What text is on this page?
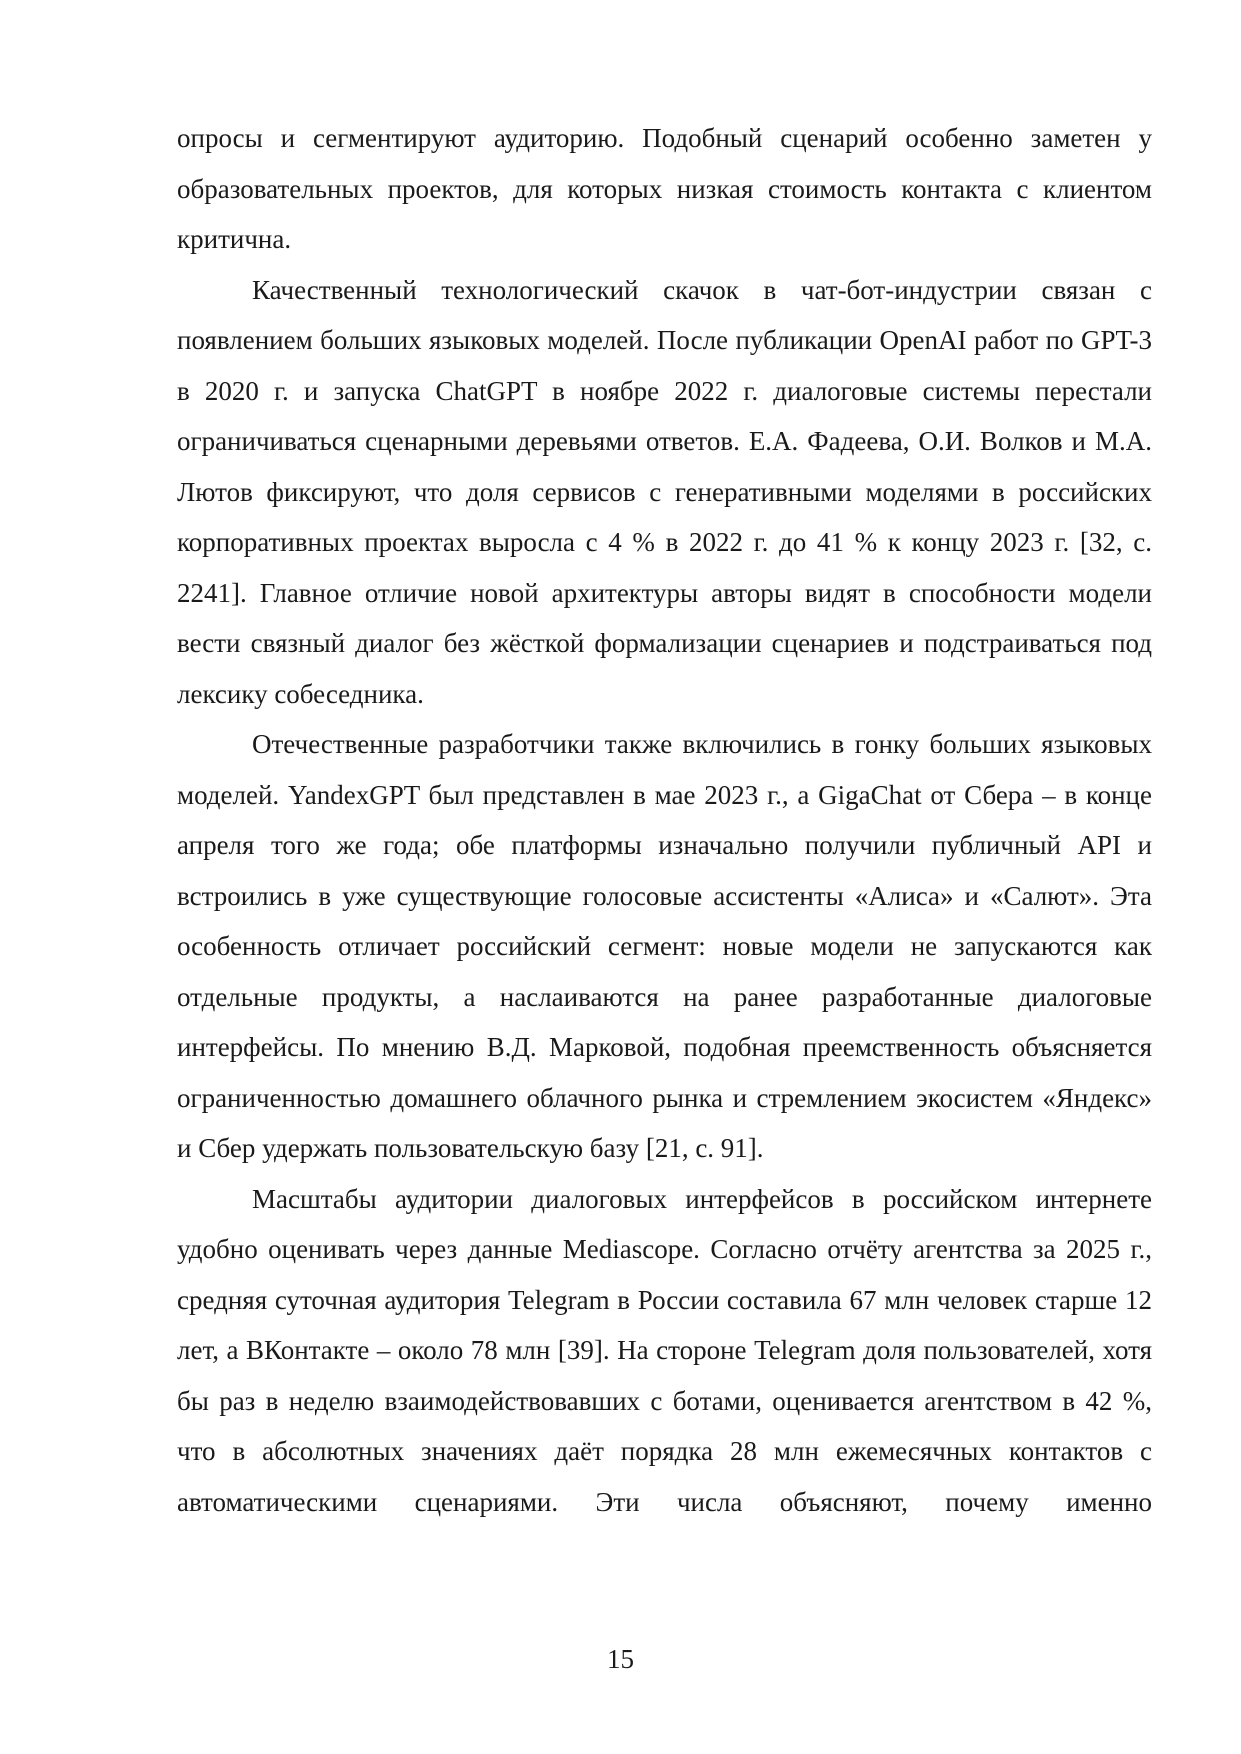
опросы и сегментируют аудиторию. Подобный сценарий особенно заметен у образовательных проектов, для которых низкая стоимость контакта с клиентом критична.

Качественный технологический скачок в чат-бот-индустрии связан с появлением больших языковых моделей. После публикации OpenAI работ по GPT-3 в 2020 г. и запуска ChatGPT в ноябре 2022 г. диалоговые системы перестали ограничиваться сценарными деревьями ответов. Е.А. Фадеева, О.И. Волков и М.А. Лютов фиксируют, что доля сервисов с генеративными моделями в российских корпоративных проектах выросла с 4 % в 2022 г. до 41 % к концу 2023 г. [32, с. 2241]. Главное отличие новой архитектуры авторы видят в способности модели вести связный диалог без жёсткой формализации сценариев и подстраиваться под лексику собеседника.

Отечественные разработчики также включились в гонку больших языковых моделей. YandexGPT был представлен в мае 2023 г., а GigaChat от Сбера – в конце апреля того же года; обе платформы изначально получили публичный API и встроились в уже существующие голосовые ассистенты «Алиса» и «Салют». Эта особенность отличает российский сегмент: новые модели не запускаются как отдельные продукты, а наслаиваются на ранее разработанные диалоговые интерфейсы. По мнению В.Д. Марковой, подобная преемственность объясняется ограниченностью домашнего облачного рынка и стремлением экосистем «Яндекс» и Сбер удержать пользовательскую базу [21, с. 91].

Масштабы аудитории диалоговых интерфейсов в российском интернете удобно оценивать через данные Mediascope. Согласно отчёту агентства за 2025 г., средняя суточная аудитория Telegram в России составила 67 млн человек старше 12 лет, а ВКонтакте – около 78 млн [39]. На стороне Telegram доля пользователей, хотя бы раз в неделю взаимодействовавших с ботами, оценивается агентством в 42 %, что в абсолютных значениях даёт порядка 28 млн ежемесячных контактов с автоматическими сценариями. Эти числа объясняют, почему именно

15
